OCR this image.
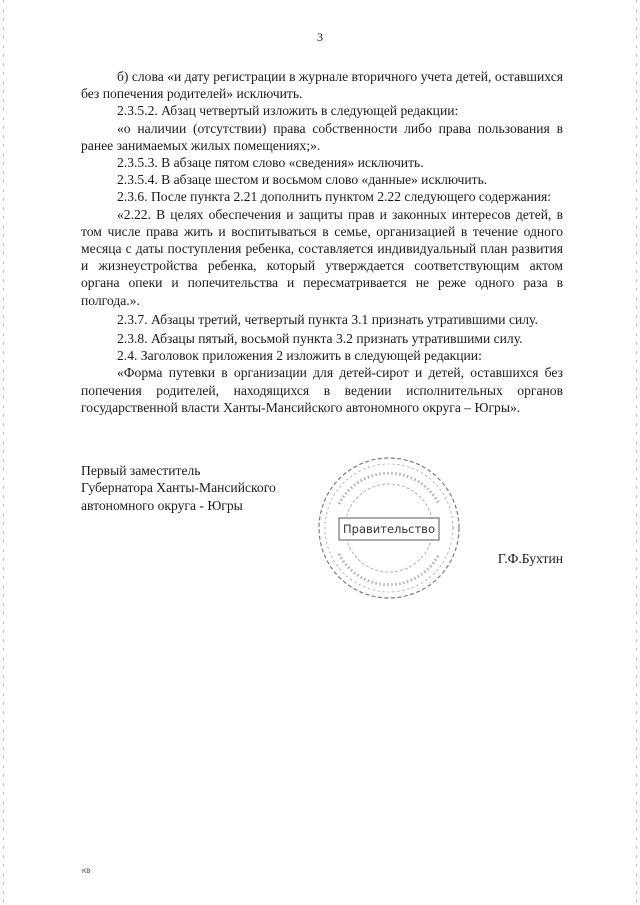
3

б) слова «и дату регистрации в журнале вторичного учета детей, оставшихся без попечения родителей» исключить.

2.3.5.2. Абзац четвертый изложить в следующей редакции:

«о наличии (отсутствии) права собственности либо права пользования в ранее занимаемых жилых помещениях;».

2.3.5.3. В абзаце пятом слово «сведения» исключить.

2.3.5.4. В абзаце шестом и восьмом слово «данные» исключить.

2.3.6. После пункта 2.21 дополнить пунктом 2.22 следующего содержания:

«2.22. В целях обеспечения и защиты прав и законных интересов детей, в том числе права жить и воспитываться в семье, организацией в течение одного месяца с даты поступления ребенка, составляется индивидуальный план развития и жизнеустройства ребенка, который утверждается соответствующим актом органа опеки и попечительства и пересматривается не реже одного раза в полгода.».

2.3.7. Абзацы третий, четвертый пункта 3.1 признать утратившими силу.

2.3.8. Абзацы пятый, восьмой пункта 3.2 признать утратившими силу.

2.4. Заголовок приложения 2 изложить в следующей редакции:

«Форма путевки в организации для детей-сирот и детей, оставшихся без попечения родителей, находящихся в ведении исполнительных органов государственной власти Ханты-Мансийского автономного округа – Югры».

Первый заместитель
Губернатора Ханты-Мансийского
автономного округа - Югры
Правительство
Г.Ф.Бухтин
КВ
